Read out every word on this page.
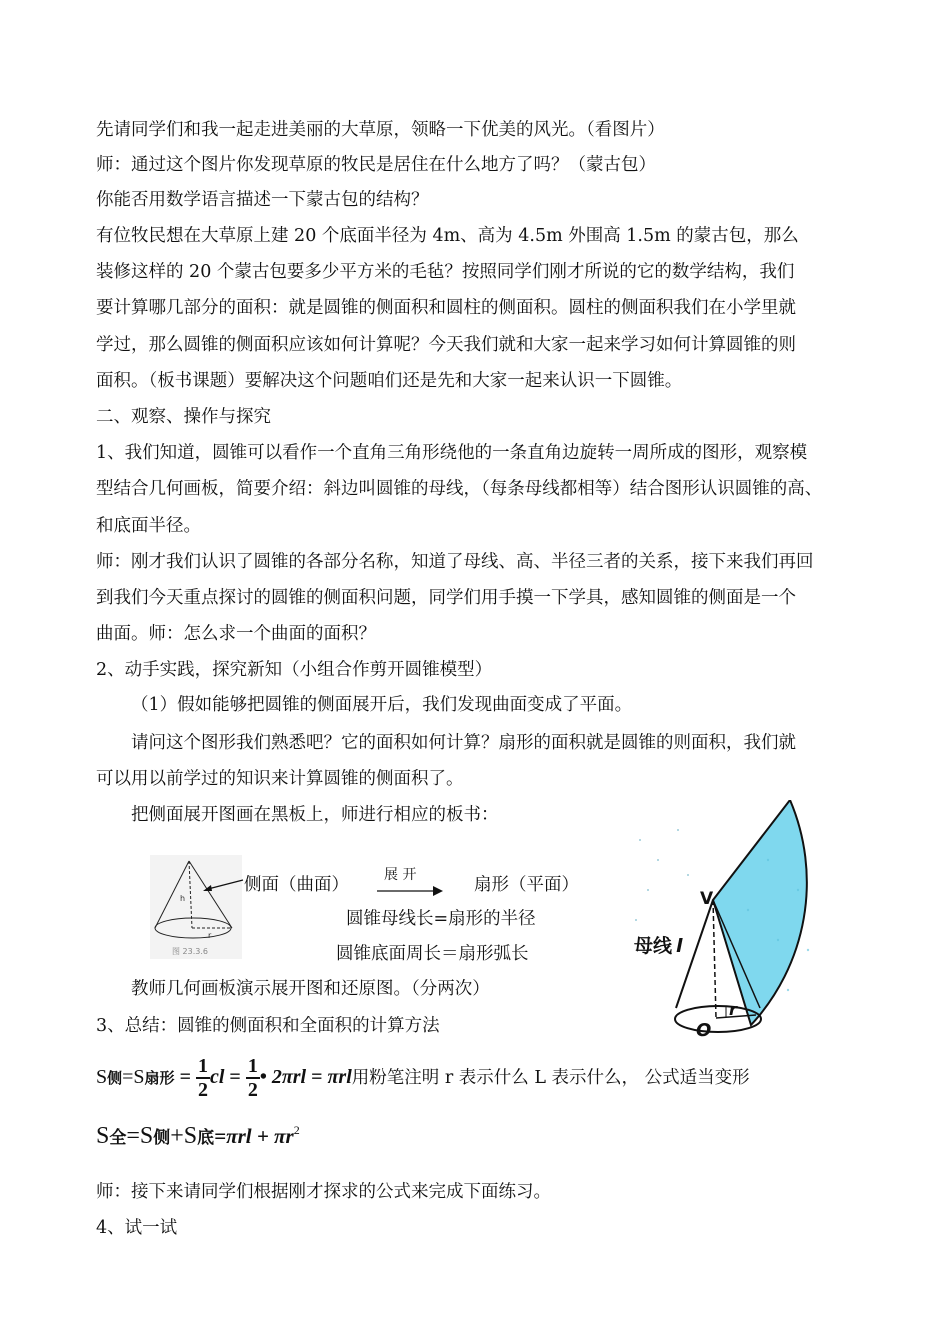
先请同学们和我一起走进美丽的大草原，领略一下优美的风光。（看图片）
师：通过这个图片你发现草原的牧民是居住在什么地方了吗？（蒙古包）
你能否用数学语言描述一下蒙古包的结构？
有位牧民想在大草原上建 20 个底面半径为 4m、高为 4.5m 外围高 1.5m 的蒙古包，那么
装修这样的 20 个蒙古包要多少平方米的毛毡？按照同学们刚才所说的它的数学结构，我们
要计算哪几部分的面积：就是圆锥的侧面积和圆柱的侧面积。圆柱的侧面积我们在小学里就
学过，那么圆锥的侧面积应该如何计算呢？今天我们就和大家一起来学习如何计算圆锥的则
面积。（板书课题）要解决这个问题咱们还是先和大家一起来认识一下圆锥。
二、观察、操作与探究
1、我们知道，圆锥可以看作一个直角三角形绕他的一条直角边旋转一周所成的图形，观察模
型结合几何画板，简要介绍：斜边叫圆锥的母线，（每条母线都相等）结合图形认识圆锥的高、
和底面半径。
师：刚才我们认识了圆锥的各部分名称，知道了母线、高、半径三者的关系，接下来我们再回
到我们今天重点探讨的圆锥的侧面积问题，同学们用手摸一下学具，感知圆锥的侧面是一个
曲面。师：怎么求一个曲面的面积？
2、动手实践，探究新知（小组合作剪开圆锥模型）
（1）假如能够把圆锥的侧面展开后，我们发现曲面变成了平面。
请问这个图形我们熟悉吧？它的面积如何计算？扇形的面积就是圆锥的则面积，我们就
可以用以前学过的知识来计算圆锥的侧面积了。
把侧面展开图画在黑板上，师进行相应的板书：
h
r
图 23.3.6
侧面（曲面）	展 开	扇形（平面）
圆锥母线长=扇形的半径
圆锥底面周长＝扇形弧长
教师几何画板演示展开图和还原图。（分两次）
3、总结：圆锥的侧面积和全面积的计算方法
母线 l
V
O
r
S侧=S扇形 = $\frac{1}{2}$ cl = $\frac{1}{2}$ • 2πrl = πrl用粉笔注明 r 表示什么 L 表示什么， 公式适当变形
S全=S侧+S底$=\pi rl + \pi r^2$
师：接下来请同学们根据刚才探求的公式来完成下面练习。
4、试一试
